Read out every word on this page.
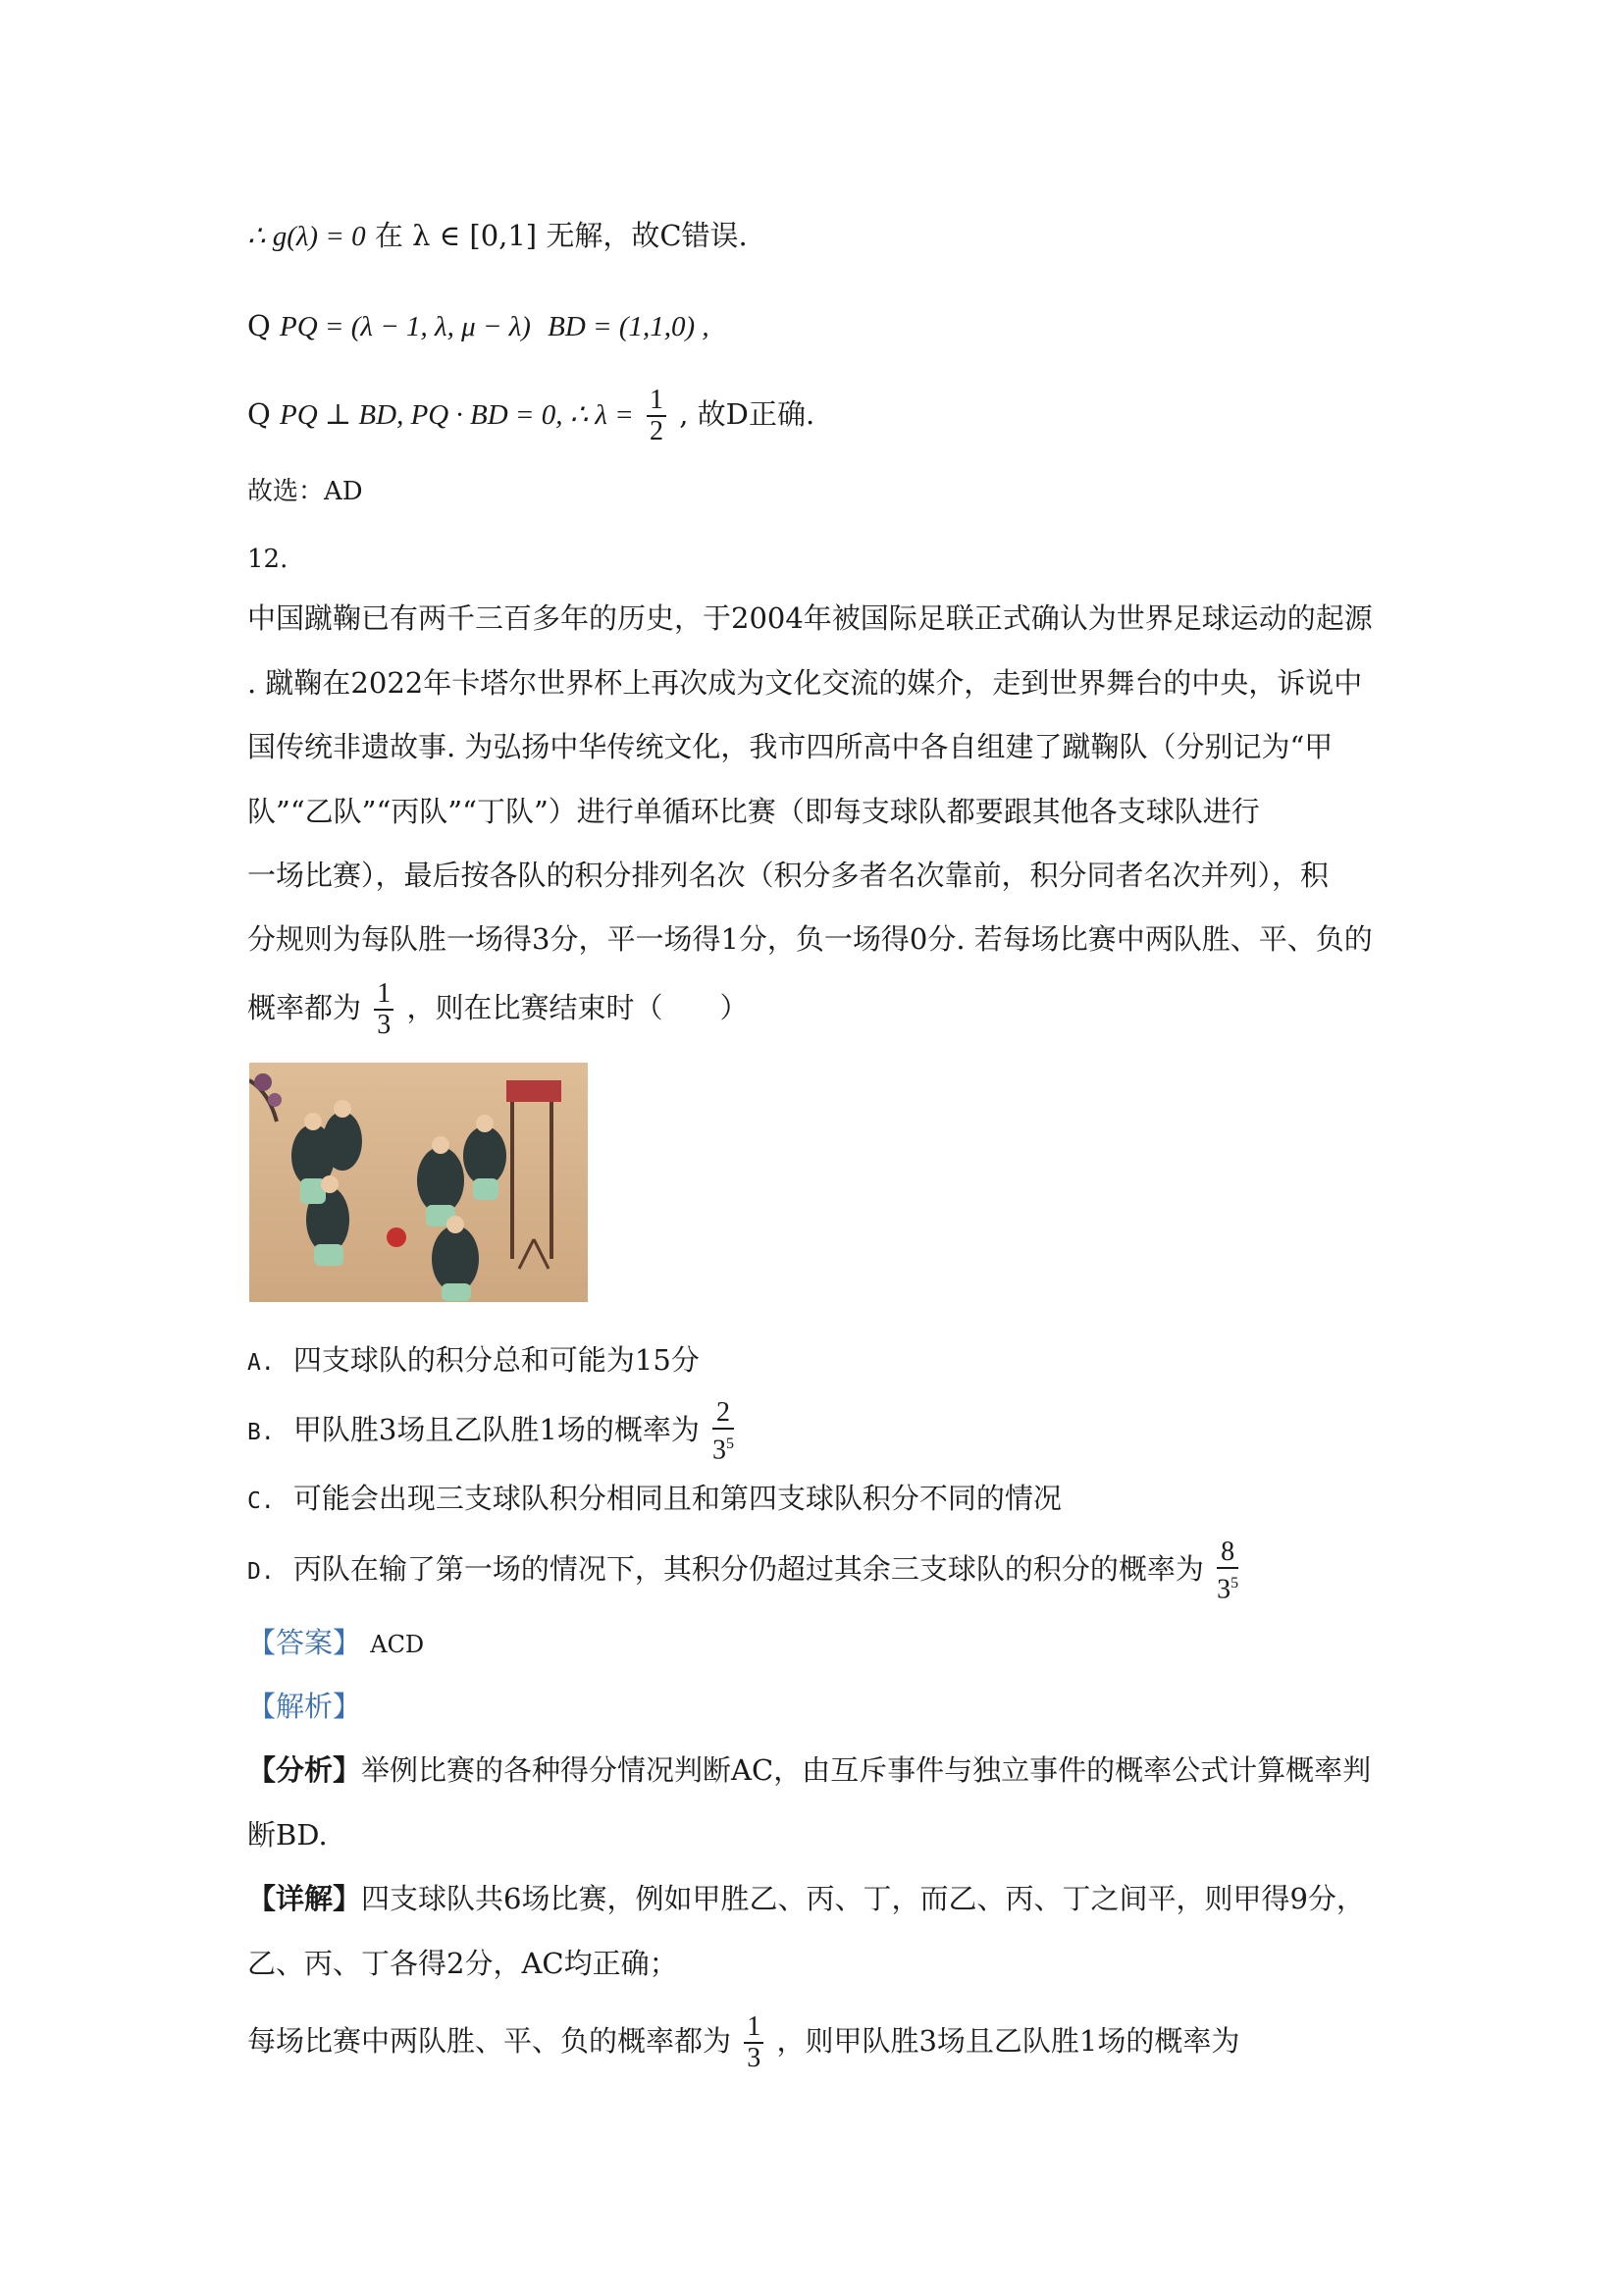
∴ g(λ) = 0 在 λ ∈ [0,1] 无解，故C错误.
Q PQ = (λ − 1, λ, μ − λ) BD = (1,1,0) ,
Q PQ ⊥ BD, PQ · BD = 0, ∴ $\lambda = \frac{1}{2}$ , 故D正确.
故选：AD
12.
中国蹴鞠已有两千三百多年的历史，于2004年被国际足联正式确认为世界足球运动的起源
. 蹴鞠在2022年卡塔尔世界杯上再次成为文化交流的媒介，走到世界舞台的中央，诉说中
国传统非遗故事. 为弘扬中华传统文化，我市四所高中各自组建了蹴鞠队（分别记为“甲
队”“乙队”“丙队”“丁队”）进行单循环比赛（即每支球队都要跟其他各支球队进行
一场比赛），最后按各队的积分排列名次（积分多者名次靠前，积分同者名次并列），积
分规则为每队胜一场得3分，平一场得1分，负一场得0分. 若每场比赛中两队胜、平、负的
概率都为 $\frac{1}{3}$ ，则在比赛结束时（　　）
A. 四支球队的积分总和可能为15分
B. 甲队胜3场且乙队胜1场的概率为 $\frac{2}{3^5}$
C. 可能会出现三支球队积分相同且和第四支球队积分不同的情况
D. 丙队在输了第一场的情况下，其积分仍超过其余三支球队的积分的概率为 $\frac{8}{3^5}$
【答案】 ACD
【解析】
【分析】举例比赛的各种得分情况判断AC，由互斥事件与独立事件的概率公式计算概率判
断BD.
【详解】四支球队共6场比赛，例如甲胜乙、丙、丁，而乙、丙、丁之间平，则甲得9分，
乙、丙、丁各得2分，AC均正确；
每场比赛中两队胜、平、负的概率都为 $\frac{1}{3}$ ，则甲队胜3场且乙队胜1场的概率为
